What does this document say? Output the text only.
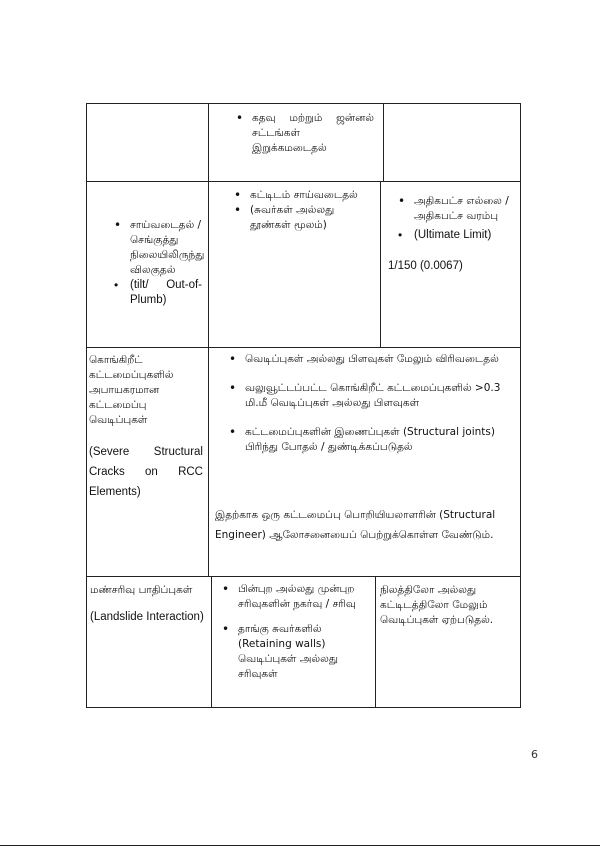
• கதவு மற்றும் ஜன்னல் சட்டங்கள்
இறுக்கமடைதல்
• சாய்வடைதல் / செங்குத்து நிலையிலிருந்து விலகுதல்
• (tilt/ Out-of-Plumb)
• கட்டிடம் சாய்வடைதல்
• (சுவர்கள் அல்லது தூண்கள் மூலம்)
• அதிகபட்ச எல்லை / அதிகபட்ச வரம்பு
• (Ultimate Limit)
1/150 (0.0067)
கொங்கிறீட் கட்டமைப்புகளில் அபாயகரமான கட்டமைப்பு வெடிப்புகள்
(Severe Structural Cracks on RCC Elements)
• வெடிப்புகள் அல்லது பிளவுகள் மேலும் விரிவடைதல்
• வலுவூட்டப்பட்ட கொங்கிறீட் கட்டமைப்புகளில் >0.3 மி.மீ வெடிப்புகள் அல்லது பிளவுகள்
• கட்டமைப்புகளின் இணைப்புகள் (Structural joints) பிரிந்து போதல் / துண்டிக்கப்படுதல்
இதற்காக ஒரு கட்டமைப்பு பொறியியலாளரின் (Structural Engineer) ஆலோசனையைப் பெற்றுக்கொள்ள வேண்டும்.
மண்சரிவு பாதிப்புகள்
(Landslide Interaction)
• பின்புற அல்லது முன்புற சரிவுகளின் நகர்வு / சரிவு
• தாங்கு சுவர்களில் (Retaining walls) வெடிப்புகள் அல்லது சரிவுகள்
நிலத்திலோ அல்லது கட்டிடத்திலோ மேலும் வெடிப்புகள் ஏற்படுதல்.
6
